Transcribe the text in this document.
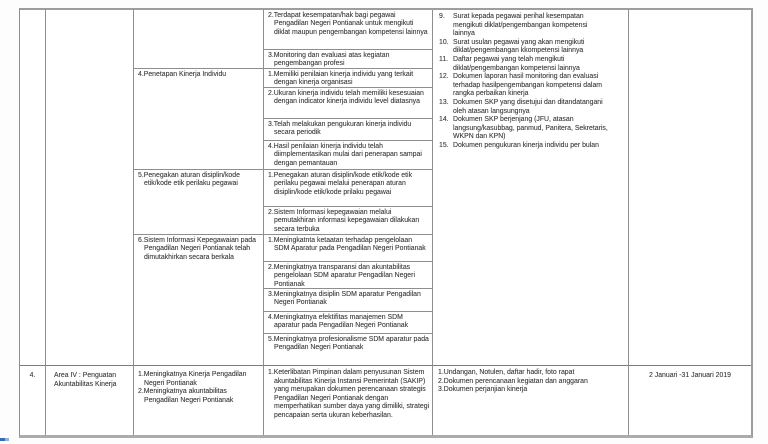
4.Penetapan Kinerja Individu
5.Penegakan aturan disiplin/kode etik/kode etik perilaku pegawai
6.Sistem Informasi Kepegawaian pada Pengadilan Negeri Pontianak telah dimutakhirkan secara berkala
2.Terdapat kesempatan/hak bagi pegawai Pengadilan Negeri Pontianak untuk mengikuti diklat maupun pengembangan kompetensi lainnya
3.Monitoring dan evaluasi atas kegiatan pengembangan profesi
1.Memiliki penilaian kinerja individu yang terkait dengan kinerja organisasi
2.Ukuran kinerja individu telah memiliki kesesuaian dengan indicator kinerja individu level diatasnya
3.Telah melakukan pengukuran kinerja individu secara periodik
4.Hasil penilaian kinerja individu telah diimplementasikan mulai dari penerapan sampai dengan pemantauan
1.Penegakan aturan disiplin/kode etik/kode etik perilaku pegawai melalui penerapan aturan disiplin/kode etik/kode prilaku pegawai
2.Sistem Informasi kepegawaian melalui pemutakhiran informasi kepegawaian dilakukan secara terbuka
1.Meningkatnta ketaatan terhadap pengelolaan SDM Aparatur pada Pengadilan Negeri Pontianak
2.Meningkatnya transparansi dan akuntabilitas pengelolaan SDM aparatur Pengadilan Negeri Pontianak
3.Meningkatnya disiplin SDM aparatur Pengadilan Negeri Pontianak
4.Meningkatnya efektifitas manajemen SDM aparatur pada Pengadilan Negeri Pontianak
5.Meningkatnya profesionalisme SDM aparatur pada Pengadilan Negeri Pontianak
9. Surat kepada pegawai perihal kesempatan mengikuti diklat/pengembangan kompetensi lainnya
10. Surat usulan pegawai yang akan mengikuti diklat/pengembangan kkompetensi lainnya
11. Daftar pegawai yang telah mengikuti diklat/pengembangan kompetensi lainnya
12. Dokumen laporan hasil monitoring dan evaluasi terhadap hasilpengembangan kompetensi dalam rangka perbaikan kinerja
13. Dokumen SKP yang disetujui dan ditandatangani oleh atasan langsungnya
14. Dokumen SKP berjenjang (JFU, atasan langsung/kasubbag, panmud, Panitera, Sekretaris, WKPN dan KPN)
15. Dokumen pengukuran kinerja individu per bulan
4.	Area IV : Penguatan Akuntabilitas Kinerja
1.Meningkatnya Kinerja Pengadilan Negeri Pontianak
2.Meningkatnya akuntabilitas Pengadilan Negeri Pontianak
1.Keterlibatan Pimpinan dalam penyusunan Sistem akuntabilitas Kinerja Instansi Pemerintah (SAKIP) yang merupakan dokumen perencanaan strategis Pengadilan Negeri Pontianak dengan memperhatikan sumber daya yang dimiliki, strategi pencapaian serta ukuran keberhasilan.
1.Undangan, Notulen, daftar hadir, foto rapat
2.Dokumen perencanaan kegiatan dan anggaran
3.Dokumen perjanjian kinerja
2 Januari -31 Januari 2019
